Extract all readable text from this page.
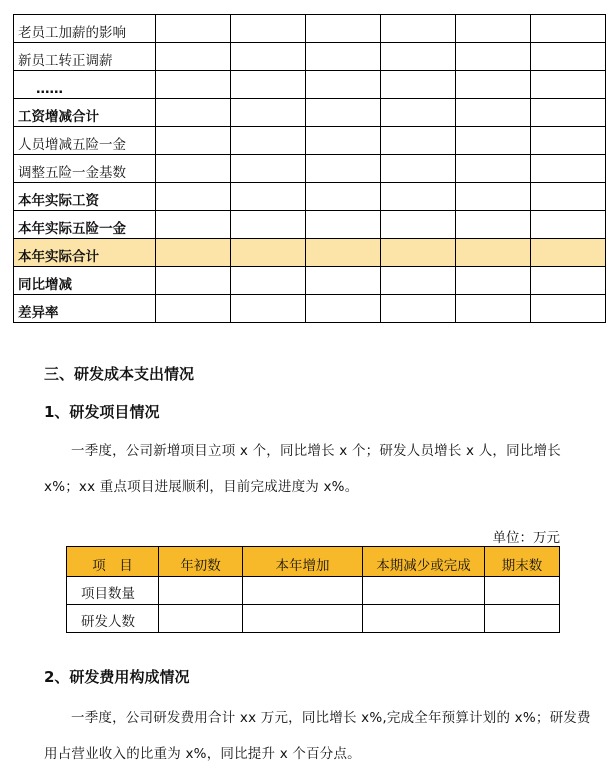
老员工加薪的影响						
新员工转正调薪						
……						
工资增减合计						
人员增减五险一金						
调整五险一金基数						
本年实际工资						
本年实际五险一金						
本年实际合计						
同比增减						
差异率						
三、研发成本支出情况
1、研发项目情况

一季度，公司新增项目立项 x 个，同比增长 x 个；研发人员增长 x 人，同比增长 x%；xx 重点项目进展顺利，目前完成进度为 x%。

单位：万元
项　目	年初数	本年增加	本期减少或完成	期末数
项目数量				
研发人数				
2、研发费用构成情况

一季度，公司研发费用合计 xx 万元，同比增长 x%,完成全年预算计划的 x%；研发费用占营业收入的比重为 x%，同比提升 x 个百分点。
